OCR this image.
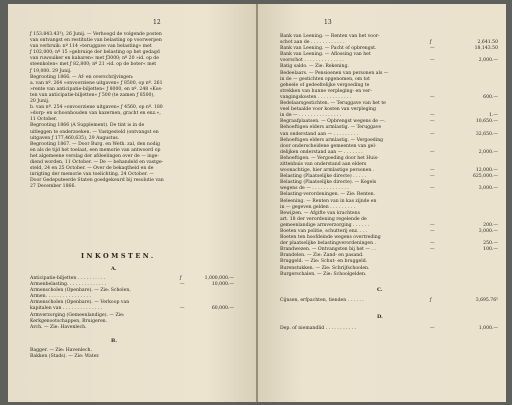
12
ƒ 153.843.43³), 26 Junij. — Verhoogd de volgende posten
van ontvangst en restitutie van belasting op voorwerpen
van verbruik: nº 114 »teruggave van belasting« met
ƒ 102,000; nº 15 »gebruiqe der belasting op het gedagd
van ruwsuiker en kaharen« met ƒ3000; nº 20 »id. op de
steenkolen« met ƒ 82,800; nº 21 »id. op de boter« met
ƒ 19,000. 29 Junij.
Begrooting 1866. — Af- en overschrijvingen:
a. van nº. 264 »onvoorziene uitgaven« ƒ 8500, op nº. 261
»rente van anticipatie-biljetten« ƒ 8000, en nº. 248 »Kos-
ten van anticipatie-biljetten« ƒ 500 (te zamen ƒ 8500),
20 Junij.
b. van nº. 254 »onvoorziene uitgaven« ƒ 4560, op nº. 180
»dorp- en schoonhouden van kazernen, gracht en enz.«,
11 October.
Begrooting 1866 (A Supplement). De tint is in de
uitleggen te onderzoeken. — Vastgesteld (ontvangst en
uitgaven ƒ 177,460,635), 29 Augustus.
Begrooting 1867. — Door Burg. en Weth. zal, den nodig
en als de tijd het toelaat, een memorie van antwoord op
het algemeene verslag der afdeelingen over de — inge-
diend worden, 11 October. — De — behandeld en vastge-
steld, 24 en 25 October. — Over de bekaqtheid en de
inrigting der memorie van toelichting. 24 October. —
Door Gedeputeerde Staten goedgekeurd bij resolutie van
27 December 1866.
INKOMSTEN.
A.
Anticipatie-biljetten . . . . . . . . . .	ƒ	1,000,000.—
Armenbelasting. . . . . . . . . . . . . .	—	10,000.—
Armenscholen (Openbare). — Zie: Scholen,
Armen. . . . . . . . . . . . . . . .
Armenscholen (Openbare). — Verkoop van
kapitalen van . . . . . . . . . . . . . .	—	60,000.—
Armverzorging (Gemeenlandige). — Zie:
Kerkgenootschappen, Bruigeren.
Arch. — Zie: Havenlech.
B.
Bagger. — Zie: Havenlech.
Bakken (Stads). — Zie: Water.
13
Bank van Leening. — Renten van het voor-
schot aan de . . . . . . . . . . . .	ƒ	2,641.50
Bank van Leening. — Pacht of opbrengst.	—	18,143.50
Bank van Leening. — Aflossing van het
voorschot . . . . . . . . . . . . . .	—	2,000.—
Batig saldo. — Zie: Rekening.
Bedeelaars. — Pensioenen van personen als —
in de — gestichten opgenomen, om tot
geheele of gedeeltelijke vergoeding te
strekken van hunne verpleging- en ver-
vangingskosten . . . . . . . . . . . .	—	600.—
Bedelaarsgestichten. — Teruggave van het te
veel betaalde voor kosten van verpleging
in de — . . . . . . . . . . . . . . .	—	1.—
Begraafplaatsen. — Opbrengst wegens de —.	—	10,650.—
Behoeftigen elders armlastig. — Teruggave
van onderstand aan — . . . . . . . . .	—	32,650.—
Behoeftigen elders armlastig. — Vergoeding
door onderscheidene gemeenten van gel-
delijken onderstand aan — . . . . . . .	—	2,000.—
Behoeftigen. — Vergoeding door het Huis-
zittenhuis van onderstand aan elders
woonachtige, hier armlastige personen .	—	12,000.—
Belasting (Plaatselijke directe) . . . . .	—	625,000.—
Belasting (Plaatselijke directe). — Kegels
wegens de — . . . . . . . . . . . . .	—	3,000.—
Belasting-verordeningen. — Zie: Renten.
Beleening. — Renten van in kas zijnde en
in — gegeven gelden . . . . . . . . .
Bewijzen. — Afgifte van krachtens
art. 18 der verordening regelende de
gemeenlandige armverzorging . . . . . .	—	200.—
Boeten van politie, schutterij enz. . . .	—	3,000.—
Boeten ten hoofdeinde wegens overtreding
der plaatselijke belastingverordeningen .	—	250.—
Brandwezen. — Ontvangsten bij het — . .	—	100.—
Brandelen. — Zie: Zand- en pasand.
Bruggeld. — Zie: Schut- en bruggeld.
Burenstukken. — Zie: Schrijfschoolen.
Burgerschalen. — Zie: Schoolgelden.
C.
Cijnsen, erfpachten, tienden . . . . . .	ƒ	3,695.76⁵
D.
Dep. of niemandlid . . . . . . . . . . .	—	1,000.—
